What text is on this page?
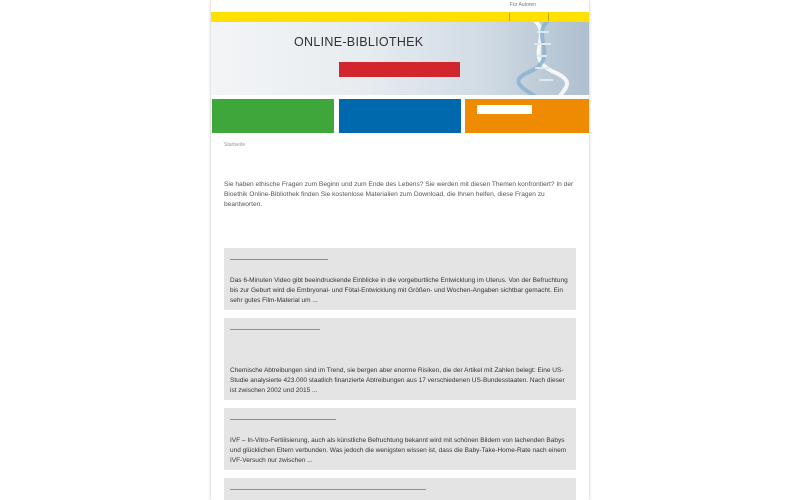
Für Autoren
ONLINE-BIBLIOTHEK
Startseite
Sie haben ethische Fragen zum Beginn und zum Ende des Lebens? Sie werden mit diesen Themen konfrontiert? In der Bioethik Online-Bibliothek finden Sie kostenlose Materialien zum Download, die Ihnen helfen, diese Fragen zu beantworten.
Das 6-Minuten Video gibt beeindruckende Einblicke in die vorgeburtliche Entwicklung im Uterus. Von der Befruchtung bis zur Geburt wird die Embryonal- und Fötal-Entwicklung mit Größen- und Wochen-Angaben sichtbar gemacht. Ein sehr gutes Film-Material um ...
Chemische Abtreibungen sind im Trend, sie bergen aber enorme Risiken, die der Artikel mit Zahlen belegt: Eine US- Studie analysierte 423.000 staatlich finanzierte Abtreibungen aus 17 verschiedenen US-Bundesstaaten. Nach dieser ist zwischen 2002 und 2015 ...
IVF – In-Vitro-Fertilisierung, auch als künstliche Befruchtung bekannt wird mit schönen Bildern von lachenden Babys und glücklichen Eltern verbunden. Was jedoch die wenigsten wissen ist, dass die Baby-Take-Home-Rate nach einem IVF-Versuch nur zwischen ...
